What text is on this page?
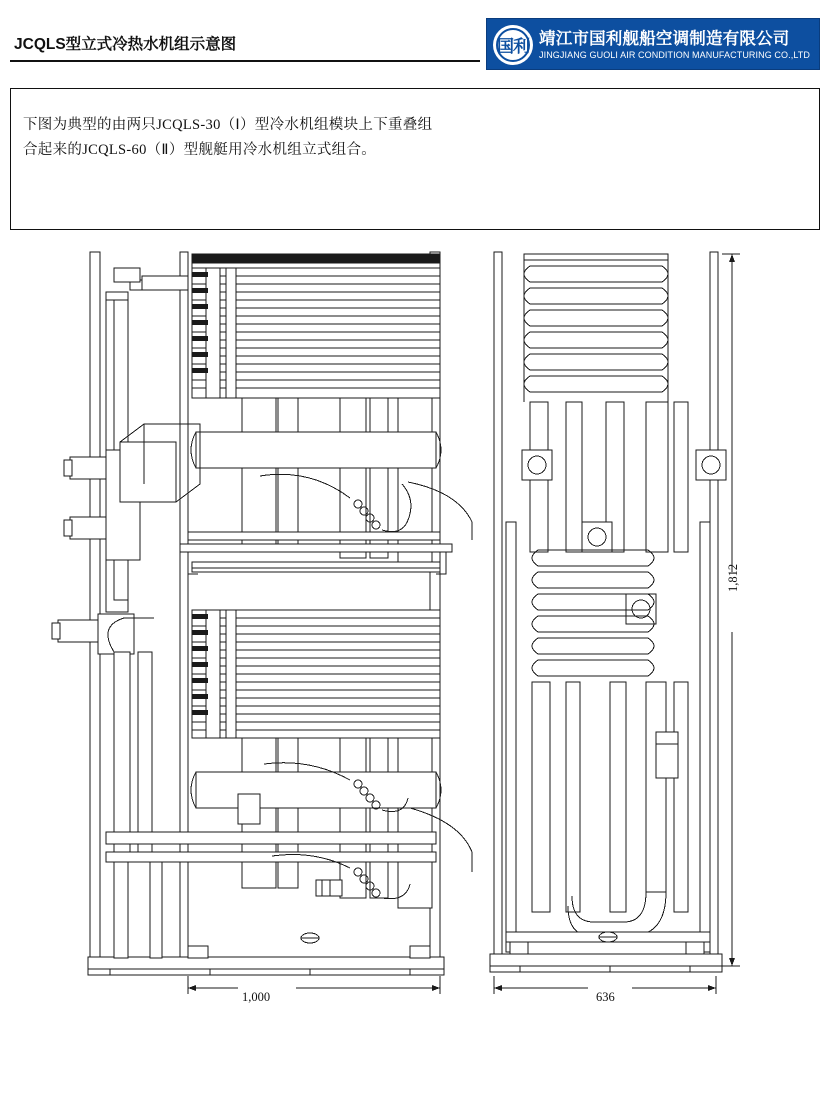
JCQLS型立式冷热水机组示意图	国利 靖江市国利舰船空调制造有限公司
JINGJIANG GUOLI AIR CONDITION MANUFACTURING CO.,LTD
下图为典型的由两只JCQLS-30（Ⅰ）型冷水机组模块上下重叠组合起来的JCQLS-60（Ⅱ）型舰艇用冷水机组立式组合。
1,000	636
1,812
